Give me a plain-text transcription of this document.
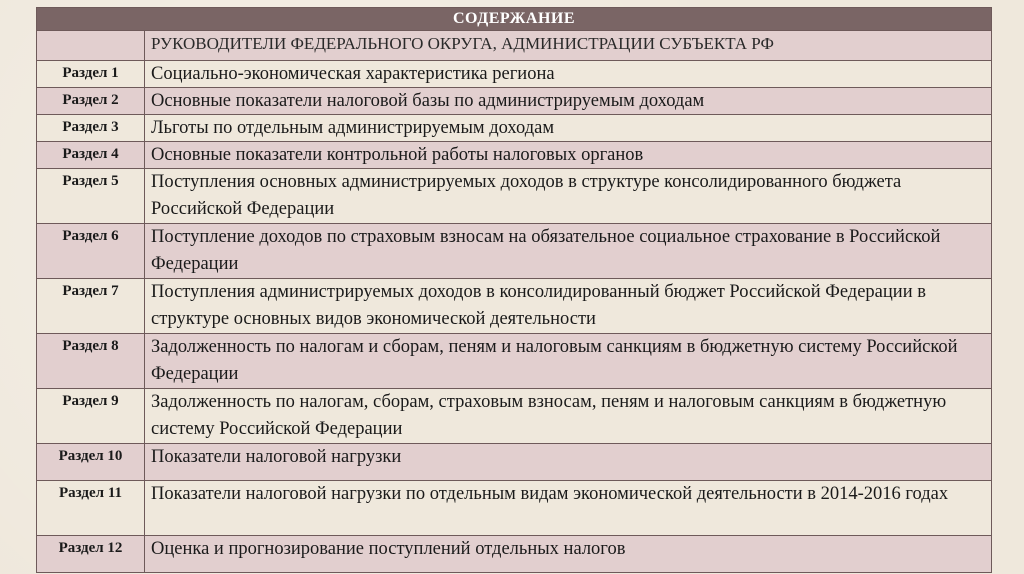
СОДЕРЖАНИЕ
РУКОВОДИТЕЛИ ФЕДЕРАЛЬНОГО ОКРУГА, АДМИНИСТРАЦИИ СУБЪЕКТА РФ
Раздел 1	Социально-экономическая характеристика региона
Раздел 2	Основные показатели налоговой базы по администрируемым доходам
Раздел 3	Льготы по отдельным администрируемым доходам
Раздел 4	Основные показатели контрольной работы налоговых органов
Раздел 5	Поступления основных администрируемых доходов в структуре консолидированного бюджета Российской Федерации
Раздел 6	Поступление доходов по страховым взносам на обязательное социальное страхование в Российской Федерации
Раздел 7	Поступления администрируемых доходов в консолидированный бюджет Российской Федерации в структуре основных видов экономической деятельности
Раздел 8	Задолженность по налогам и сборам, пеням и налоговым санкциям в бюджетную систему Российской Федерации
Раздел 9	Задолженность по налогам, сборам, страховым взносам, пеням и налоговым санкциям в бюджетную систему Российской Федерации
Раздел 10	Показатели налоговой нагрузки
Раздел 11	Показатели налоговой нагрузки по отдельным видам экономической деятельности в 2014-2016 годах
Раздел 12	Оценка и прогнозирование поступлений отдельных налогов
